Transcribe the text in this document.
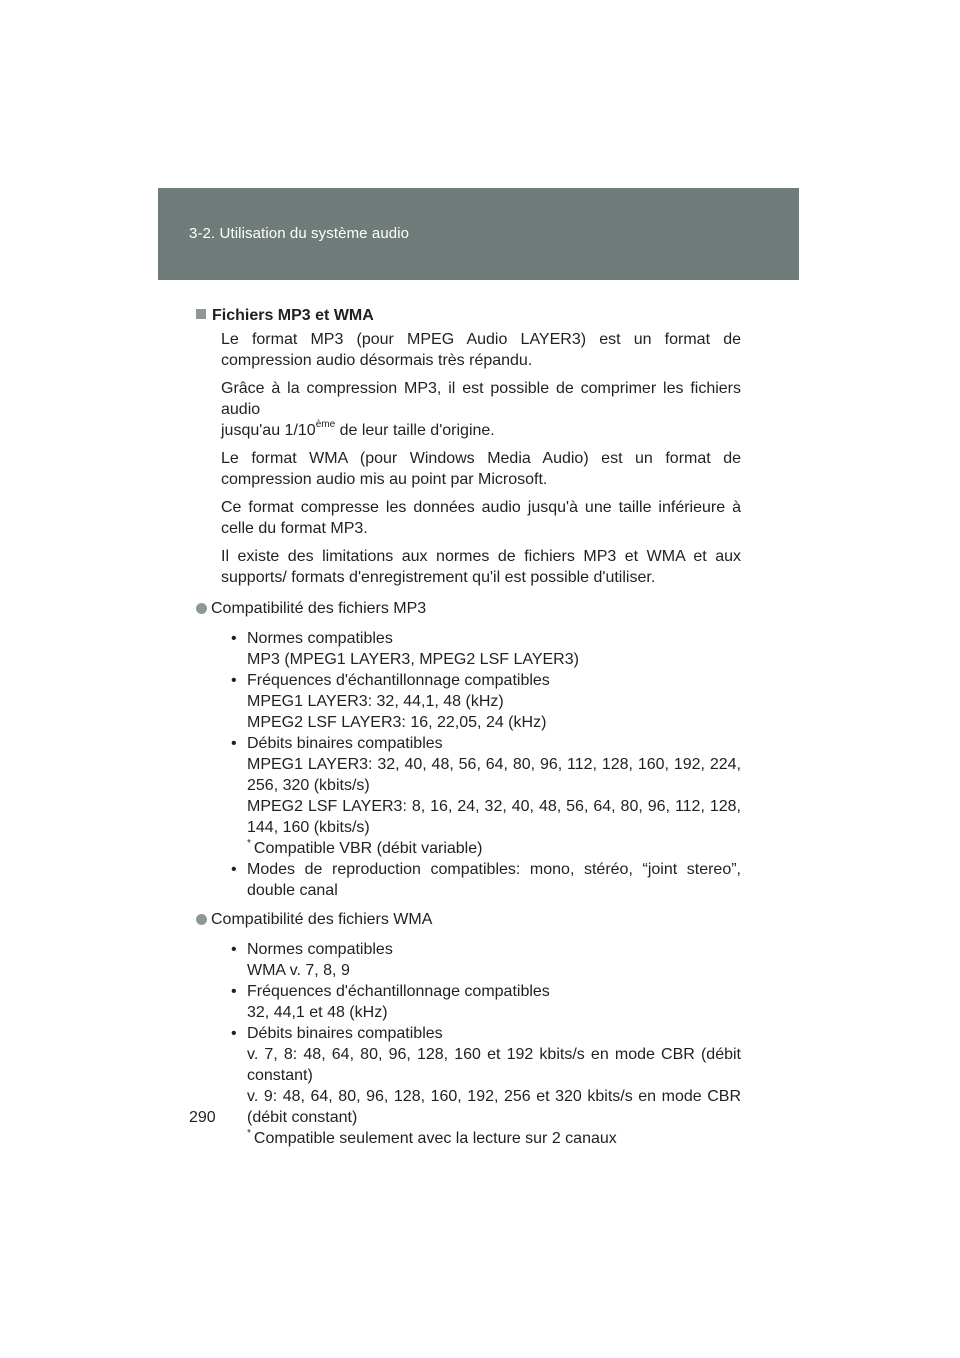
3-2. Utilisation du système audio

Fichiers MP3 et WMA

Le format MP3 (pour MPEG Audio LAYER3) est un format de compression audio désormais très répandu.

Grâce à la compression MP3, il est possible de comprimer les fichiers audio
jusqu'au 1/10ème de leur taille d'origine.

Le format WMA (pour Windows Media Audio) est un format de compression audio mis au point par Microsoft.

Ce format compresse les données audio jusqu'à une taille inférieure à celle du format MP3.

Il existe des limitations aux normes de fichiers MP3 et WMA et aux supports/ formats d'enregistrement qu'il est possible d'utiliser.

Compatibilité des fichiers MP3

• Normes compatibles

MP3 (MPEG1 LAYER3, MPEG2 LSF LAYER3)

• Fréquences d'échantillonnage compatibles

MPEG1 LAYER3: 32, 44,1, 48 (kHz)

MPEG2 LSF LAYER3: 16, 22,05, 24 (kHz)

• Débits binaires compatibles

MPEG1 LAYER3: 32, 40, 48, 56, 64, 80, 96, 112, 128, 160, 192, 224,

256, 320 (kbits/s)

MPEG2 LSF LAYER3: 8, 16, 24, 32, 40, 48, 56, 64, 80, 96, 112, 128,

144, 160 (kbits/s)

* Compatible VBR (débit variable)

• Modes de reproduction compatibles: mono, stéréo, “joint stereo”,

double canal

Compatibilité des fichiers WMA

• Normes compatibles

WMA v. 7, 8, 9

• Fréquences d'échantillonnage compatibles

32, 44,1 et 48 (kHz)

• Débits binaires compatibles

v. 7, 8: 48, 64, 80, 96, 128, 160 et 192 kbits/s en mode CBR (débit

constant)

v. 9: 48, 64, 80, 96, 128, 160, 192, 256 et 320 kbits/s en mode CBR

(débit constant)

* Compatible seulement avec la lecture sur 2 canaux

290
